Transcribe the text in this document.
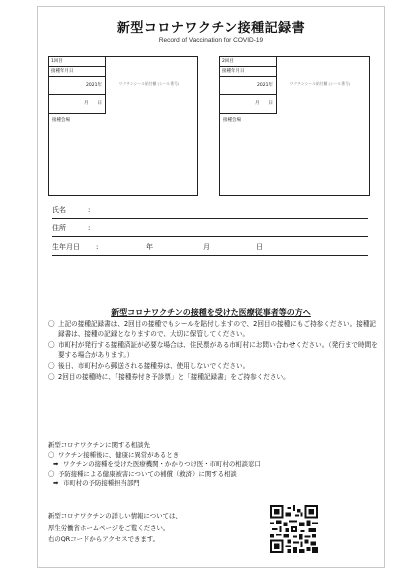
新型コロナワクチン接種記録書
Record of Vaccination for COVID-19
1回目
接種年月日
2021年
月　　日
ワクチンシール貼付欄 (シール番号)
接種会場
2回目
接種年月日
2021年
月　　日
ワクチンシール貼付欄 (シール番号)
接種会場
氏名	:
住所	:
生年月日 :	年	月	日
新型コロナワクチンの接種を受けた医療従事者等の方へ
〇 上記の接種記録書は、2回目の接種でもシールを貼付しますので、2回目の接種にもご持参ください。接種記録書は、接種の記録となりますので、大切に保管してください。
〇 市町村が発行する接種済証が必要な場合は、住民票がある市町村にお問い合わせください。（発行まで時間を要する場合があります。）
〇 後日、市町村から郵送される接種券は、使用しないでください。
〇 2回目の接種時に、「接種券付き予診票」と「接種記録書」をご持参ください。
新型コロナワクチンに関する相談先
〇 ワクチン接種後に、健康に異常があるとき
➡ ワクチンの接種を受けた医療機関・かかりつけ医・市町村の相談窓口
〇 予防接種による健康被害についての補償（救済）に関する相談
➡ 市町村の予防接種担当部門
新型コロナワクチンの詳しい情報については、
厚生労働省ホームページをご覧ください。
右のQRコードからアクセスできます。
